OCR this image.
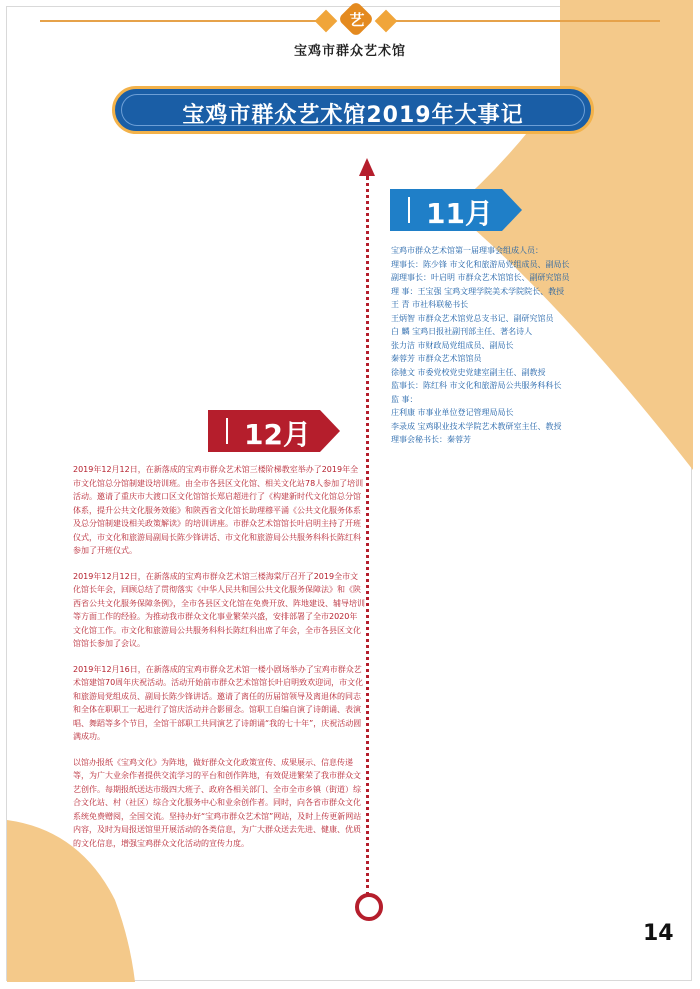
艺
宝鸡市群众艺术馆
宝鸡市群众艺术馆2019年大事记
11月
宝鸡市群众艺术馆第一届理事会组成人员：
理事长：陈少锋 市文化和旅游局党组成员、副局长
副理事长：叶启明 市群众艺术馆馆长、副研究馆员
理 事：王宝强 宝鸡文理学院美术学院院长、教授
王 青 市社科联秘书长
王炳智 市群众艺术馆党总支书记、副研究馆员
白 麟 宝鸡日报社副刊部主任、著名诗人
张力洁 市财政局党组成员、副局长
秦蓉芳 市群众艺术馆馆员
徐驰文 市委党校党史党建室副主任、副教授
监事长：陈红科 市文化和旅游局公共服务科科长
监 事：
庄利康 市事业单位登记管理局局长
李录成 宝鸡职业技术学院艺术教研室主任、教授
理事会秘书长：秦蓉芳
12月

2019年12月12日，在新落成的宝鸡市群众艺术馆三楼阶梯教室举办了2019年全市文化馆总分馆制建设培训班。由全市各县区文化馆、相关文化站78人参加了培训活动。邀请了重庆市大渡口区文化馆馆长郑启超进行了《构建新时代文化馆总分馆体系，提升公共文化服务效能》和陕西省文化馆长助理穆平涌《公共文化服务体系及总分馆制建设相关政策解读》的培训讲座。市群众艺术馆馆长叶启明主持了开班仪式，市文化和旅游局副局长陈少锋讲话、市文化和旅游局公共服务科科长陈红科参加了开班仪式。

2019年12月12日，在新落成的宝鸡市群众艺术馆三楼海棠厅召开了2019全市文化馆长年会，回顾总结了贯彻落实《中华人民共和国公共文化服务保障法》和《陕西省公共文化服务保障条例》，全市各县区文化馆在免费开放、阵地建设、辅导培训等方面工作的经验。为推动我市群众文化事业繁荣兴盛，安排部署了全市2020年文化馆工作。市文化和旅游局公共服务科科长陈红科出席了年会，全市各县区文化馆馆长参加了会议。

2019年12月16日，在新落成的宝鸡市群众艺术馆一楼小剧场举办了宝鸡市群众艺术馆建馆70周年庆祝活动。活动开始前市群众艺术馆馆长叶启明致欢迎词，市文化和旅游局党组成员、副局长陈少锋讲话。邀请了离任的历届馆领导及离退休的同志和全体在职职工一起进行了馆庆活动并合影留念。馆职工自编自演了诗朗诵、表演唱、舞蹈等多个节目，全馆干部职工共同演艺了诗朗诵“我的七十年”，庆祝活动圆满成功。

以馆办报纸《宝鸡文化》为阵地，做好群众文化政策宣传、成果展示、信息传递等，为广大业余作者提供交流学习的平台和创作阵地，有效促进繁荣了我市群众文艺创作。每期报纸送达市级四大班子、政府各相关部门、全市全市乡镇（街道）综合文化站、村（社区）综合文化服务中心和业余创作者。同时，向各省市群众文化系统免费赠阅，全国交流。坚持办好“宝鸡市群众艺术馆”网站，及时上传更新网站内容，及时为局报送馆里开展活动的各类信息，为广大群众送去先进、健康、优质的文化信息，增强宝鸡群众文化活动的宣传力度。

14
